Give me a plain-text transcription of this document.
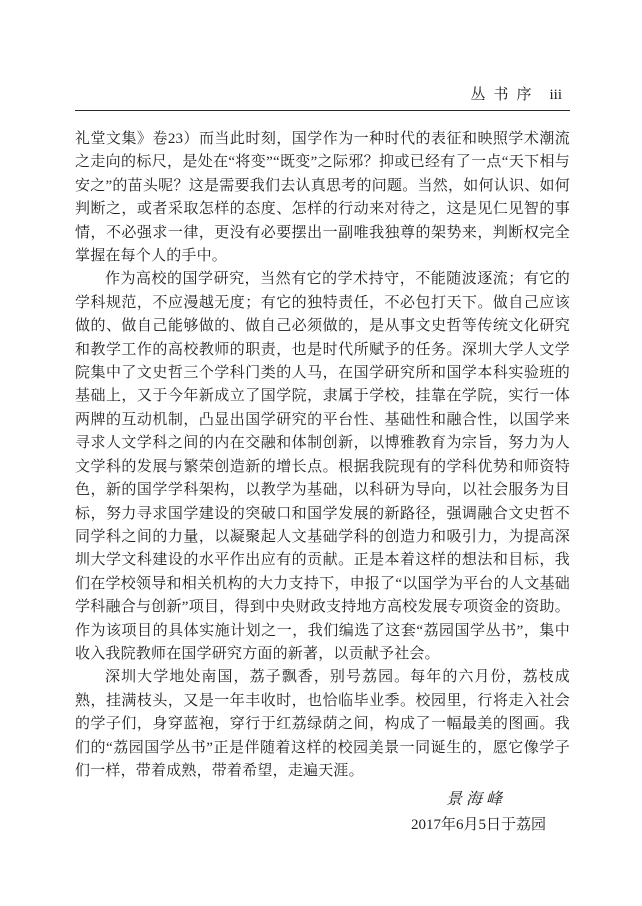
丛书序 iii

礼堂文集》卷23）而当此时刻，国学作为一种时代的表征和映照学术潮流之走向的标尺，是处在“将变”“既变”之际邪？抑或已经有了一点“天下相与安之”的苗头呢？这是需要我们去认真思考的问题。当然，如何认识、如何判断之，或者采取怎样的态度、怎样的行动来对待之，这是见仁见智的事情，不必强求一律，更没有必要摆出一副唯我独尊的架势来，判断权完全掌握在每个人的手中。

作为高校的国学研究，当然有它的学术持守，不能随波逐流；有它的学科规范，不应漫越无度；有它的独特责任，不必包打天下。做自己应该做的、做自己能够做的、做自己必须做的，是从事文史哲等传统文化研究和教学工作的高校教师的职责，也是时代所赋予的任务。深圳大学人文学院集中了文史哲三个学科门类的人马，在国学研究所和国学本科实验班的基础上，又于今年新成立了国学院，隶属于学校，挂靠在学院，实行一体两牌的互动机制，凸显出国学研究的平台性、基础性和融合性，以国学来寻求人文学科之间的内在交融和体制创新，以博雅教育为宗旨，努力为人文学科的发展与繁荣创造新的增长点。根据我院现有的学科优势和师资特色，新的国学学科架构，以教学为基础，以科研为导向，以社会服务为目标，努力寻求国学建设的突破口和国学发展的新路径，强调融合文史哲不同学科之间的力量，以凝聚起人文基础学科的创造力和吸引力，为提高深圳大学文科建设的水平作出应有的贡献。正是本着这样的想法和目标，我们在学校领导和相关机构的大力支持下，申报了“以国学为平台的人文基础学科融合与创新”项目，得到中央财政支持地方高校发展专项资金的资助。作为该项目的具体实施计划之一，我们编选了这套“荔园国学丛书”，集中收入我院教师在国学研究方面的新著，以贡献予社会。

深圳大学地处南国，荔子飘香，别号荔园。每年的六月份，荔枝成熟，挂满枝头，又是一年丰收时，也恰临毕业季。校园里，行将走入社会的学子们，身穿蓝袍，穿行于红荔绿荫之间，构成了一幅最美的图画。我们的“荔园国学丛书”正是伴随着这样的校园美景一同诞生的，愿它像学子们一样，带着成熟，带着希望，走遍天涯。

景海峰
2017年6月5日于荔园
